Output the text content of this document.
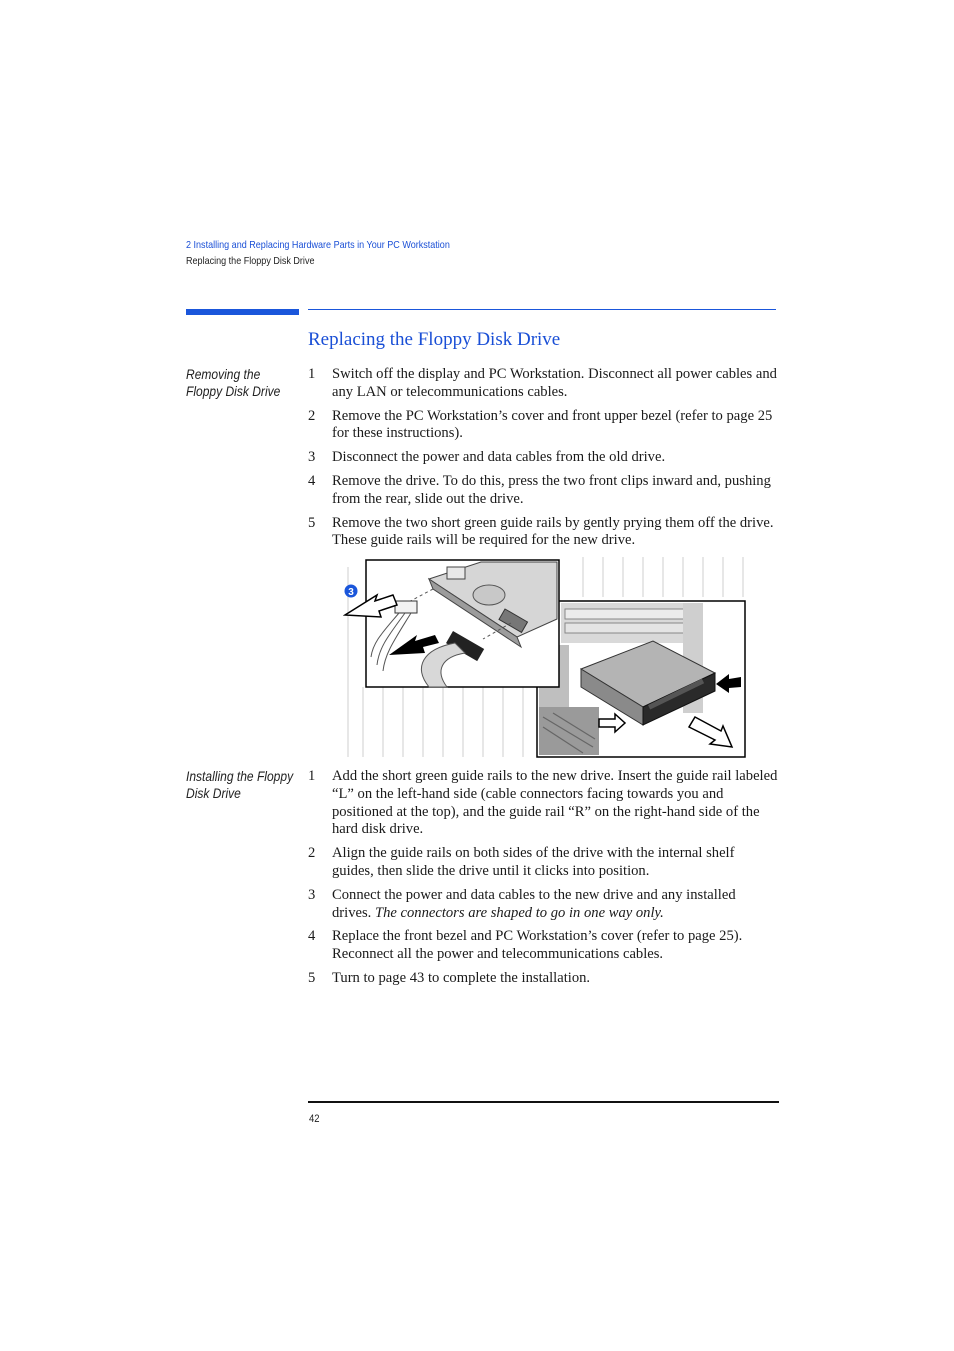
2 Installing and Replacing Hardware Parts in Your PC Workstation
Replacing the Floppy Disk Drive
Replacing the Floppy Disk Drive
Removing the
Floppy Disk Drive
1	Switch off the display and PC Workstation. Disconnect all power cables and any LAN or telecommunications cables.
2	Remove the PC Workstation’s cover and front upper bezel (refer to page 25 for these instructions).
3	Disconnect the power and data cables from the old drive.
4	Remove the drive. To do this, press the two front clips inward and, pushing from the rear, slide out the drive.
5	Remove the two short green guide rails by gently prying them off the drive. These guide rails will be required for the new drive.
3
Installing the Floppy
Disk Drive
1	Add the short green guide rails to the new drive. Insert the guide rail labeled “L” on the left-hand side (cable connectors facing towards you and positioned at the top), and the guide rail “R” on the right-hand side of the hard disk drive.
2	Align the guide rails on both sides of the drive with the internal shelf guides, then slide the drive until it clicks into position.
3	Connect the power and data cables to the new drive and any installed drives. The connectors are shaped to go in one way only.
4	Replace the front bezel and PC Workstation’s cover (refer to page 25). Reconnect all the power and telecommunications cables.
5	Turn to page 43 to complete the installation.
42
